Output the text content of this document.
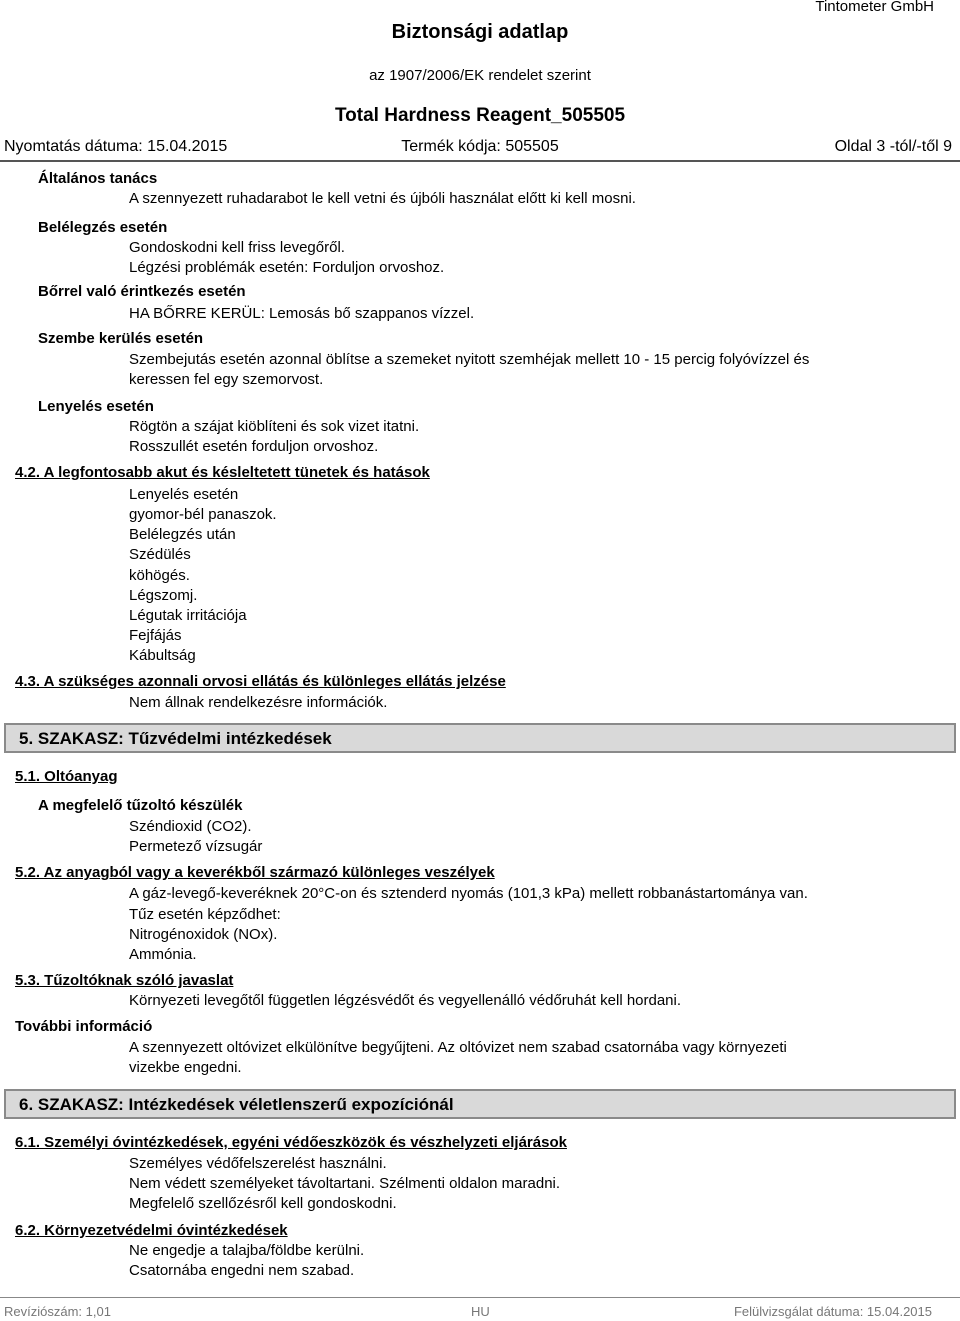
Biztonsági adatlap
Tintometer GmbH
az 1907/2006/EK rendelet szerint
Total Hardness Reagent_505505
Nyomtatás dátuma: 15.04.2015	Termék kódja: 505505	Oldal 3 -tól/-től 9
Általános tanács
A szennyezett ruhadarabot le kell vetni és újbóli használat előtt ki kell mosni.
Belélegzés esetén
Gondoskodni kell friss levegőről.
Légzési problémák esetén: Forduljon orvoshoz.
Bőrrel való érintkezés esetén
HA BŐRRE KERÜL: Lemosás bő szappanos vízzel.
Szembe kerülés esetén
Szembejutás esetén azonnal öblítse a szemeket nyitott szemhéjak mellett 10 - 15 percig folyóvízzel és
keressen fel egy szemorvost.
Lenyelés esetén
Rögtön a szájat kiöblíteni és sok vizet itatni.
Rosszullét esetén forduljon orvoshoz.
4.2. A legfontosabb akut és késleltetett tünetek és hatások
Lenyelés esetén
gyomor-bél panaszok.
Belélegzés után
Szédülés
köhögés.
Légszomj.
Légutak irritációja
Fejfájás
Kábultság
4.3. A szükséges azonnali orvosi ellátás és különleges ellátás jelzése
Nem állnak rendelkezésre információk.
5. SZAKASZ: Tűzvédelmi intézkedések
5.1. Oltóanyag
A megfelelő tűzoltó készülék
Széndioxid (CO2).
Permetező vízsugár
5.2. Az anyagból vagy a keverékből származó különleges veszélyek
A gáz-levegő-keveréknek 20°C-on és sztenderd nyomás (101,3 kPa) mellett robbanástartománya van.
Tűz esetén képződhet:
Nitrogénoxidok (NOx).
Ammónia.
5.3. Tűzoltóknak szóló javaslat
Környezeti levegőtől független légzésvédőt és vegyellenálló védőruhát kell hordani.
További információ
A szennyezett oltóvizet elkülönítve begyűjteni. Az oltóvizet nem szabad csatornába vagy környezeti
vizekbe engedni.
6. SZAKASZ: Intézkedések véletlenszerű expozíciónál
6.1. Személyi óvintézkedések, egyéni védőeszközök és vészhelyzeti eljárások
Személyes védőfelszerelést használni.
Nem védett személyeket távoltartani. Szélmenti oldalon maradni.
Megfelelő szellőzésről kell gondoskodni.
6.2. Környezetvédelmi óvintézkedések
Ne engedje a talajba/földbe kerülni.
Csatornába engedni nem szabad.
Revíziószám: 1,01	HU	Felülvizsgálat dátuma: 15.04.2015
